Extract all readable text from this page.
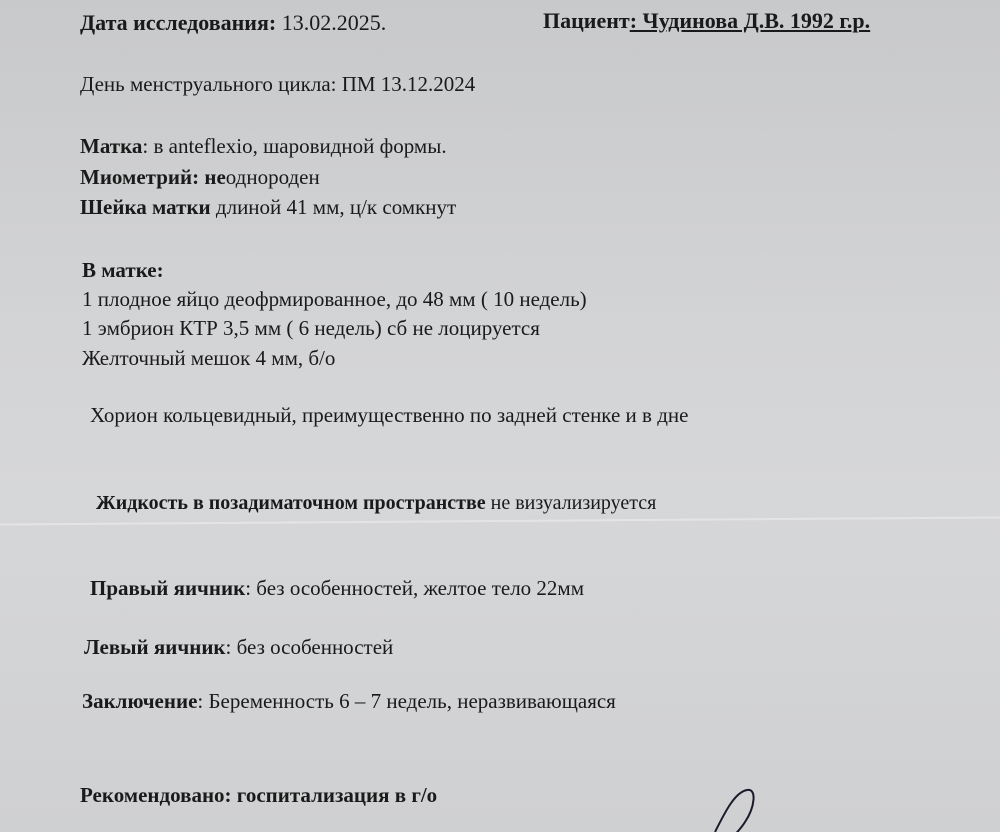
Дата исследования: 13.02.2025.	Пациент: Чудинова Д.В. 1992 г.р.
День менструального цикла: ПМ 13.12.2024
Матка: в anteflexio, шаровидной формы.
Миометрий: неоднороден
Шейка матки длиной 41 мм, ц/к сомкнут
В матке:
1 плодное яйцо деофрмированное, до 48 мм ( 10 недель)
1 эмбрион КТР 3,5 мм ( 6 недель) сб не лоцируется
Желточный мешок 4 мм, б/о
Хорион кольцевидный, преимущественно по задней стенке и в дне
Жидкость в позадиматочном пространстве не визуализируется
Правый яичник: без особенностей, желтое тело 22мм
Левый яичник: без особенностей
Заключение: Беременность 6 – 7 недель, неразвивающаяся
Рекомендовано: госпитализация в г/о
